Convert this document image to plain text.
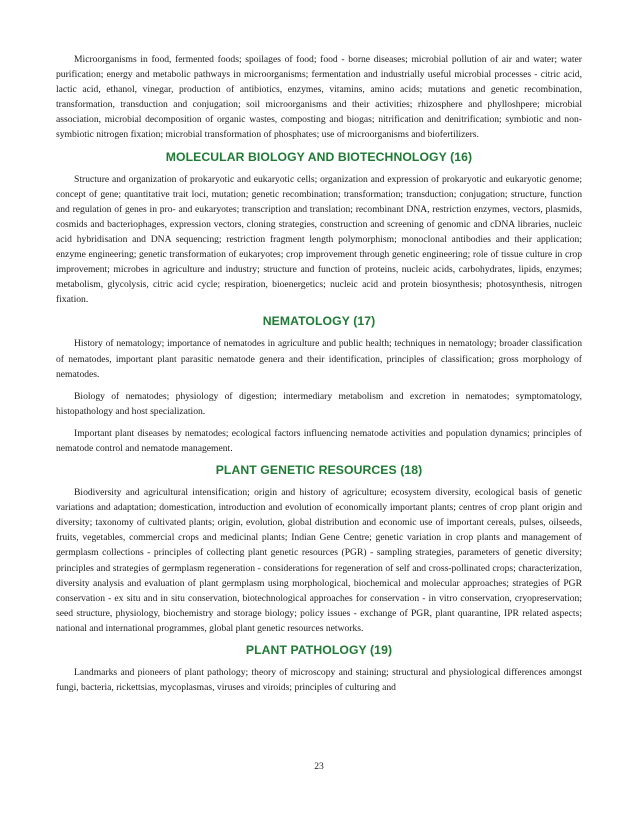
Microorganisms in food, fermented foods; spoilages of food; food - borne diseases; microbial pollution of air and water; water purification; energy and metabolic pathways in microorganisms; fermentation and industrially useful microbial processes - citric acid, lactic acid, ethanol, vinegar, production of antibiotics, enzymes, vitamins, amino acids; mutations and genetic recombination, transformation, transduction and conjugation; soil microorganisms and their activities; rhizosphere and phylloshpere; microbial association, microbial decomposition of organic wastes, composting and biogas; nitrification and denitrification; symbiotic and non-symbiotic nitrogen fixation; microbial transformation of phosphates; use of microorganisms and biofertilizers.

MOLECULAR BIOLOGY AND BIOTECHNOLOGY (16)

Structure and organization of prokaryotic and eukaryotic cells; organization and expression of prokaryotic and eukaryotic genome; concept of gene; quantitative trait loci, mutation; genetic recombination; transformation; transduction; conjugation; structure, function and regulation of genes in pro- and eukaryotes; transcription and translation; recombinant DNA, restriction enzymes, vectors, plasmids, cosmids and bacteriophages, expression vectors, cloning strategies, construction and screening of genomic and cDNA libraries, nucleic acid hybridisation and DNA sequencing; restriction fragment length polymorphism; monoclonal antibodies and their application; enzyme engineering; genetic transformation of eukaryotes; crop improvement through genetic engineering; role of tissue culture in crop improvement; microbes in agriculture and industry; structure and function of proteins, nucleic acids, carbohydrates, lipids, enzymes; metabolism, glycolysis, citric acid cycle; respiration, bioenergetics; nucleic acid and protein biosynthesis; photosynthesis, nitrogen fixation.

NEMATOLOGY (17)

History of nematology; importance of nematodes in agriculture and public health; techniques in nematology; broader classification of nematodes, important plant parasitic nematode genera and their identification, principles of classification; gross morphology of nematodes.

Biology of nematodes; physiology of digestion; intermediary metabolism and excretion in nematodes; symptomatology, histopathology and host specialization.

Important plant diseases by nematodes; ecological factors influencing nematode activities and population dynamics; principles of nematode control and nematode management.

PLANT GENETIC RESOURCES (18)

Biodiversity and agricultural intensification; origin and history of agriculture; ecosystem diversity, ecological basis of genetic variations and adaptation; domestication, introduction and evolution of economically important plants; centres of crop plant origin and diversity; taxonomy of cultivated plants; origin, evolution, global distribution and economic use of important cereals, pulses, oilseeds, fruits, vegetables, commercial crops and medicinal plants; Indian Gene Centre; genetic variation in crop plants and management of germplasm collections - principles of collecting plant genetic resources (PGR) - sampling strategies, parameters of genetic diversity; principles and strategies of germplasm regeneration - considerations for regeneration of self and cross-pollinated crops; characterization, diversity analysis and evaluation of plant germplasm using morphological, biochemical and molecular approaches; strategies of PGR conservation - ex situ and in situ conservation, biotechnological approaches for conservation - in vitro conservation, cryopreservation; seed structure, physiology, biochemistry and storage biology; policy issues - exchange of PGR, plant quarantine, IPR related aspects; national and international programmes, global plant genetic resources networks.

PLANT PATHOLOGY (19)

Landmarks and pioneers of plant pathology; theory of microscopy and staining; structural and physiological differences amongst fungi, bacteria, rickettsias, mycoplasmas, viruses and viroids; principles of culturing and

23
